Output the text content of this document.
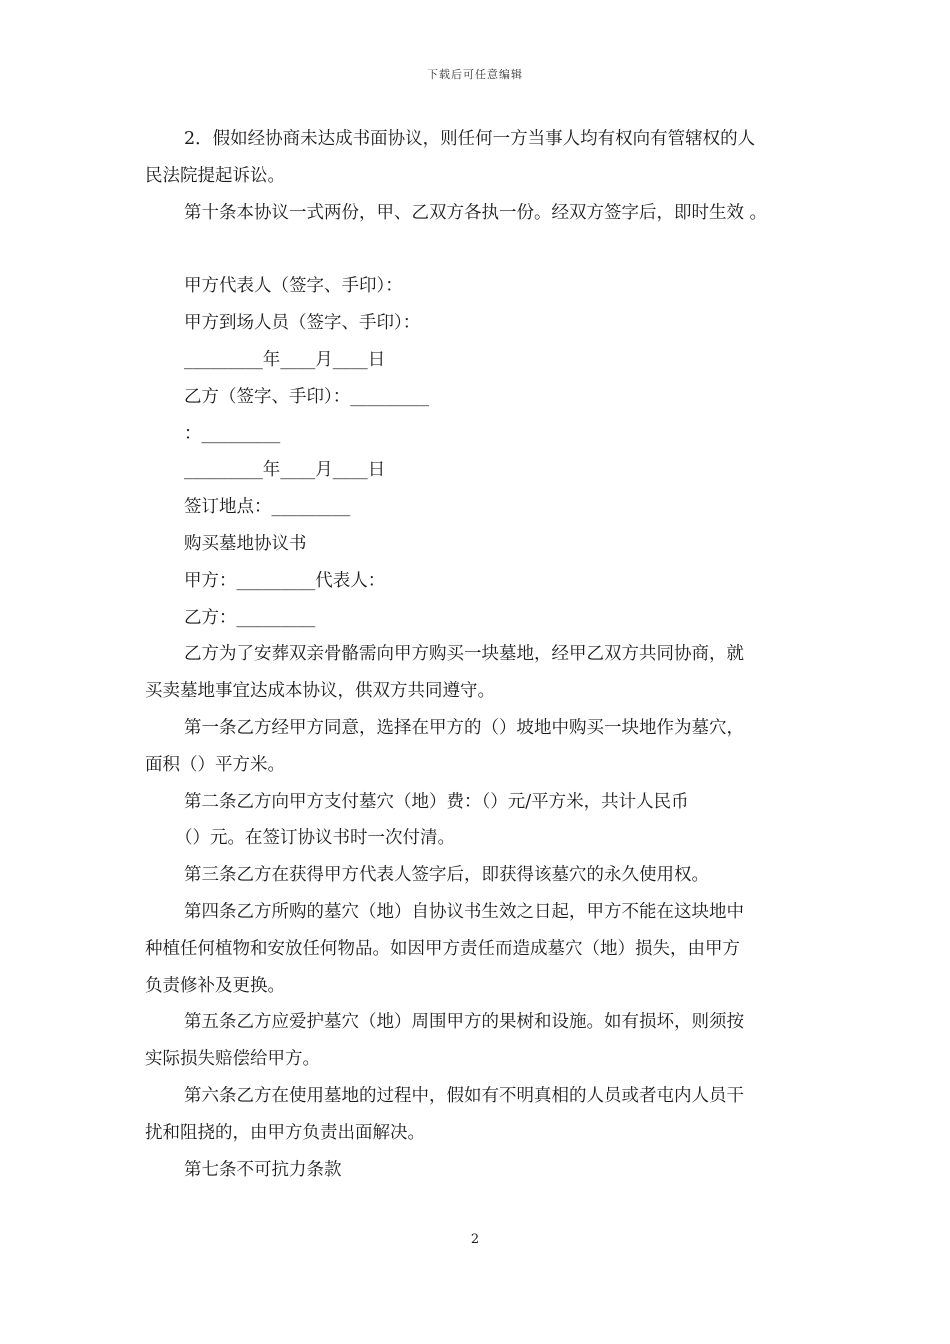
下载后可任意编辑
2．假如经协商未达成书面协议，则任何一方当事人均有权向有管辖权的人
民法院提起诉讼。
第十条本协议一式两份，甲、乙双方各执一份。经双方签字后，即时生效 。
甲方代表人（签字、手印）：
甲方到场人员（签字、手印）：
_________年____月____日
乙方（签字、手印）：_________
：_________
_________年____月____日
签订地点：_________
购买墓地协议书
甲方：_________代表人：
乙方：_________
乙方为了安葬双亲骨骼需向甲方购买一块墓地，经甲乙双方共同协商，就
买卖墓地事宜达成本协议，供双方共同遵守。
第一条乙方经甲方同意，选择在甲方的（）坡地中购买一块地作为墓穴，
面积（）平方米。
第二条乙方向甲方支付墓穴（地）费：（）元/平方米，共计人民币
（）元。在签订协议书时一次付清。
第三条乙方在获得甲方代表人签字后，即获得该墓穴的永久使用权。
第四条乙方所购的墓穴（地）自协议书生效之日起，甲方不能在这块地中
种植任何植物和安放任何物品。如因甲方责任而造成墓穴（地）损失，由甲方
负责修补及更换。
第五条乙方应爱护墓穴（地）周围甲方的果树和设施。如有损坏，则须按
实际损失赔偿给甲方。
第六条乙方在使用墓地的过程中，假如有不明真相的人员或者屯内人员干
扰和阻挠的，由甲方负责出面解决。
第七条不可抗力条款
2
